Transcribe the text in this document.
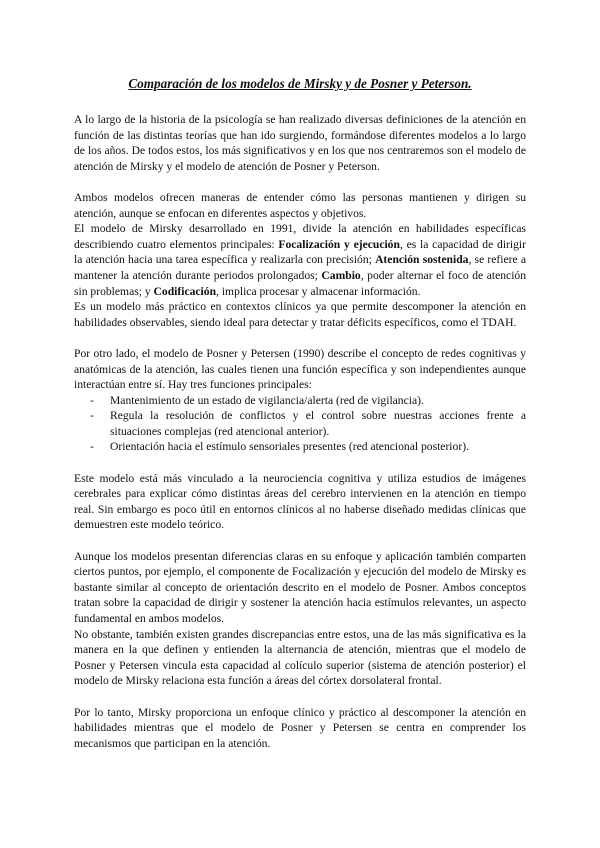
Comparación de los modelos de Mirsky y de Posner y Peterson.

A lo largo de la historia de la psicología se han realizado diversas definiciones de la atención en función de las distintas teorías que han ido surgiendo, formándose diferentes modelos a lo largo de los años. De todos estos, los más significativos y en los que nos centraremos son el modelo de atención de Mirsky y el modelo de atención de Posner y Peterson.

Ambos modelos ofrecen maneras de entender cómo las personas mantienen y dirigen su atención, aunque se enfocan en diferentes aspectos y objetivos.

El modelo de Mirsky desarrollado en 1991, divide la atención en habilidades específicas describiendo cuatro elementos principales: Focalización y ejecución, es la capacidad de dirigir la atención hacia una tarea específica y realizarla con precisión; Atención sostenida, se refiere a mantener la atención durante periodos prolongados; Cambio, poder alternar el foco de atención sin problemas; y Codificación, implica procesar y almacenar información.

Es un modelo más práctico en contextos clínicos ya que permite descomponer la atención en habilidades observables, siendo ideal para detectar y tratar déficits específicos, como el TDAH.

Por otro lado, el modelo de Posner y Petersen (1990) describe el concepto de redes cognitivas y anatómicas de la atención, las cuales tienen una función específica y son independientes aunque interactúan entre sí. Hay tres funciones principales:

- Mantenimiento de un estado de vigilancia/alerta (red de vigilancia).
- Regula la resolución de conflictos y el control sobre nuestras acciones frente a situaciones complejas (red atencional anterior).
- Orientación hacia el estímulo sensoriales presentes (red atencional posterior).

Este modelo está más vinculado a la neurociencia cognitiva y utiliza estudios de imágenes cerebrales para explicar cómo distintas áreas del cerebro intervienen en la atención en tiempo real. Sin embargo es poco útil en entornos clínicos al no haberse diseñado medidas clínicas que demuestren este modelo teórico.

Aunque los modelos presentan diferencias claras en su enfoque y aplicación también comparten ciertos puntos, por ejemplo, el componente de Focalización y ejecución del modelo de Mirsky es bastante similar al concepto de orientación descrito en el modelo de Posner. Ambos conceptos tratan sobre la capacidad de dirigir y sostener la atención hacia estímulos relevantes, un aspecto fundamental en ambos modelos.

No obstante, también existen grandes discrepancias entre estos, una de las más significativa es la manera en la que definen y entienden la alternancia de atención, mientras que el modelo de Posner y Petersen vincula esta capacidad al colículo superior (sistema de atención posterior) el modelo de Mirsky relaciona esta función a áreas del córtex dorsolateral frontal.

Por lo tanto, Mirsky proporciona un enfoque clínico y práctico al descomponer la atención en habilidades mientras que el modelo de Posner y Petersen se centra en comprender los mecanismos que participan en la atención.
